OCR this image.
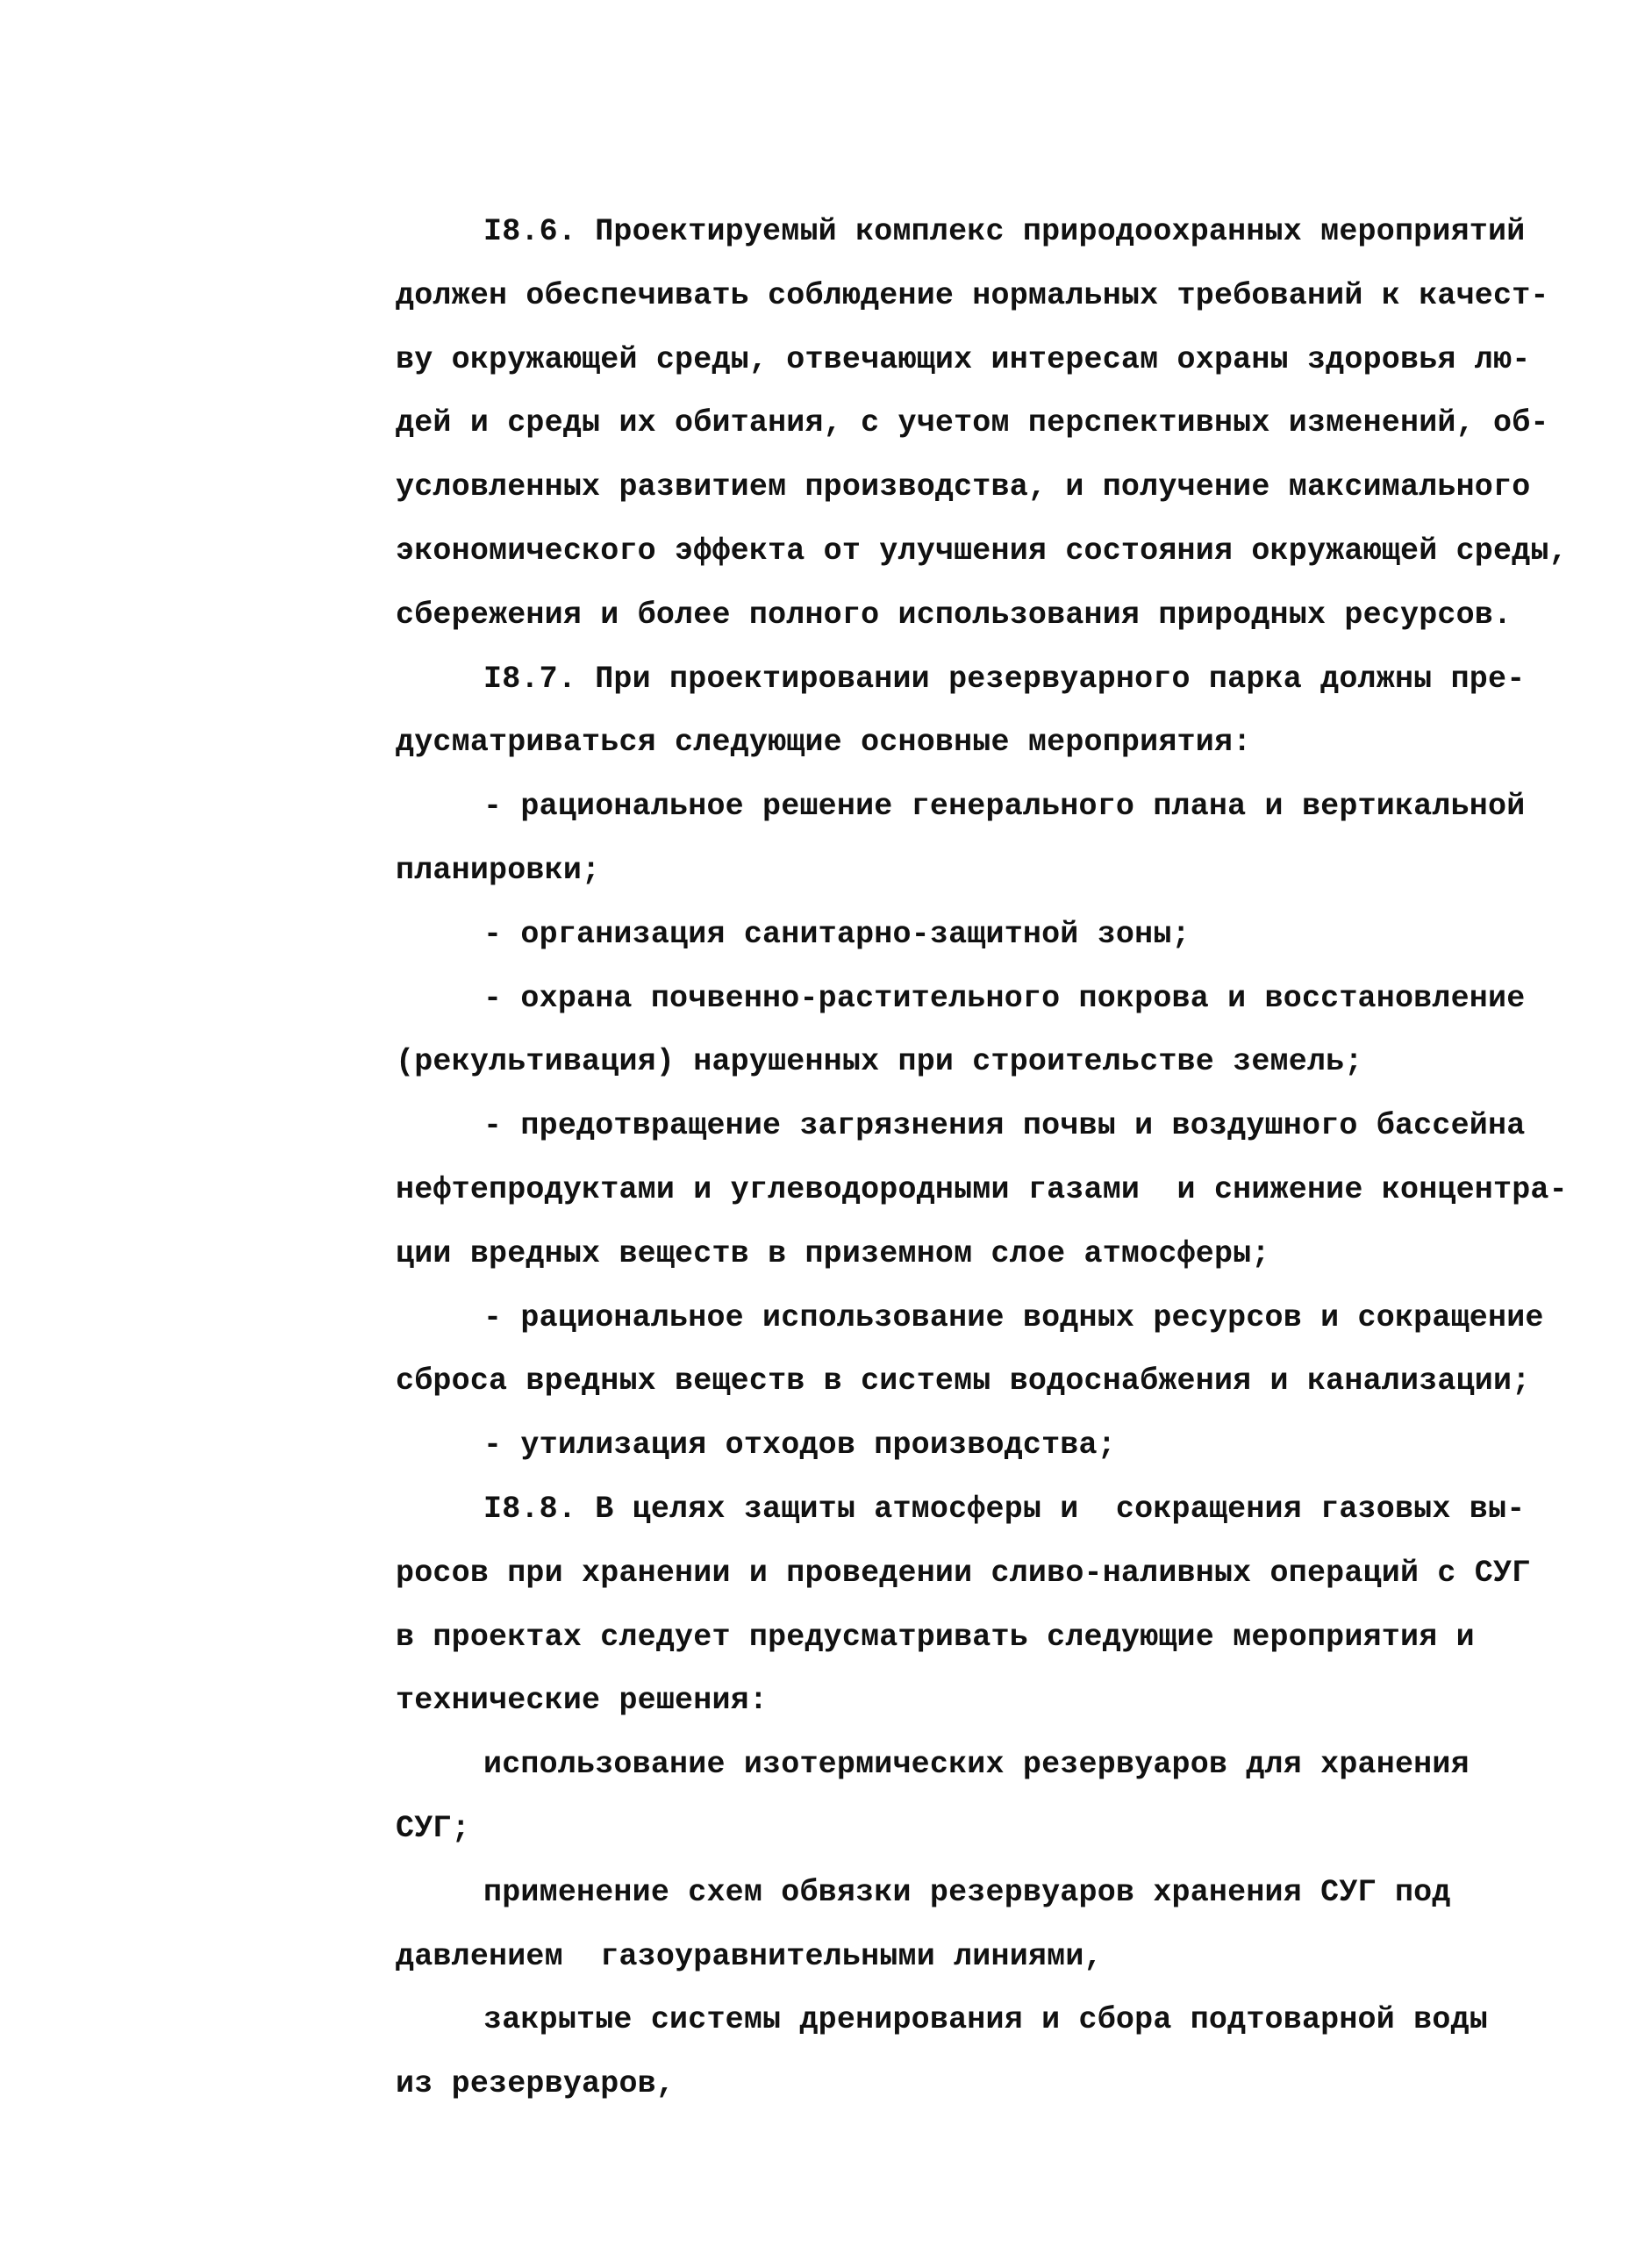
I8.6. Проектируемый комплекс природоохранных мероприятий
должен обеспечивать соблюдение нормальных требований к качест-
ву окружающей среды, отвечающих интересам охраны здоровья лю-
дей и среды их обитания, с учетом перспективных изменений, об-
условленных развитием производства, и получение максимального
экономического эффекта от улучшения состояния окружающей среды,
сбережения и более полного использования природных ресурсов.
I8.7. При проектировании резервуарного парка должны пре-
дусматриваться следующие основные мероприятия:
- рациональное решение генерального плана и вертикальной
планировки;
- организация санитарно-защитной зоны;
- охрана почвенно-растительного покрова и восстановление
(рекультивация) нарушенных при строительстве земель;
- предотвращение загрязнения почвы и воздушного бассейна
нефтепродуктами и углеводородными газами  и снижение концентра-
ции вредных веществ в приземном слое атмосферы;
- рациональное использование водных ресурсов и сокращение
сброса вредных веществ в системы водоснабжения и канализации;
- утилизация отходов производства;
I8.8. В целях защиты атмосферы и  сокращения газовых вы-
росов при хранении и проведении сливо-наливных операций с СУГ
в проектах следует предусматривать следующие мероприятия и
технические решения:
использование изотермических резервуаров для хранения
СУГ;
применение схем обвязки резервуаров хранения СУГ под
давлением  газоуравнительными линиями,
закрытые системы дренирования и сбора подтоварной воды
из резервуаров,
